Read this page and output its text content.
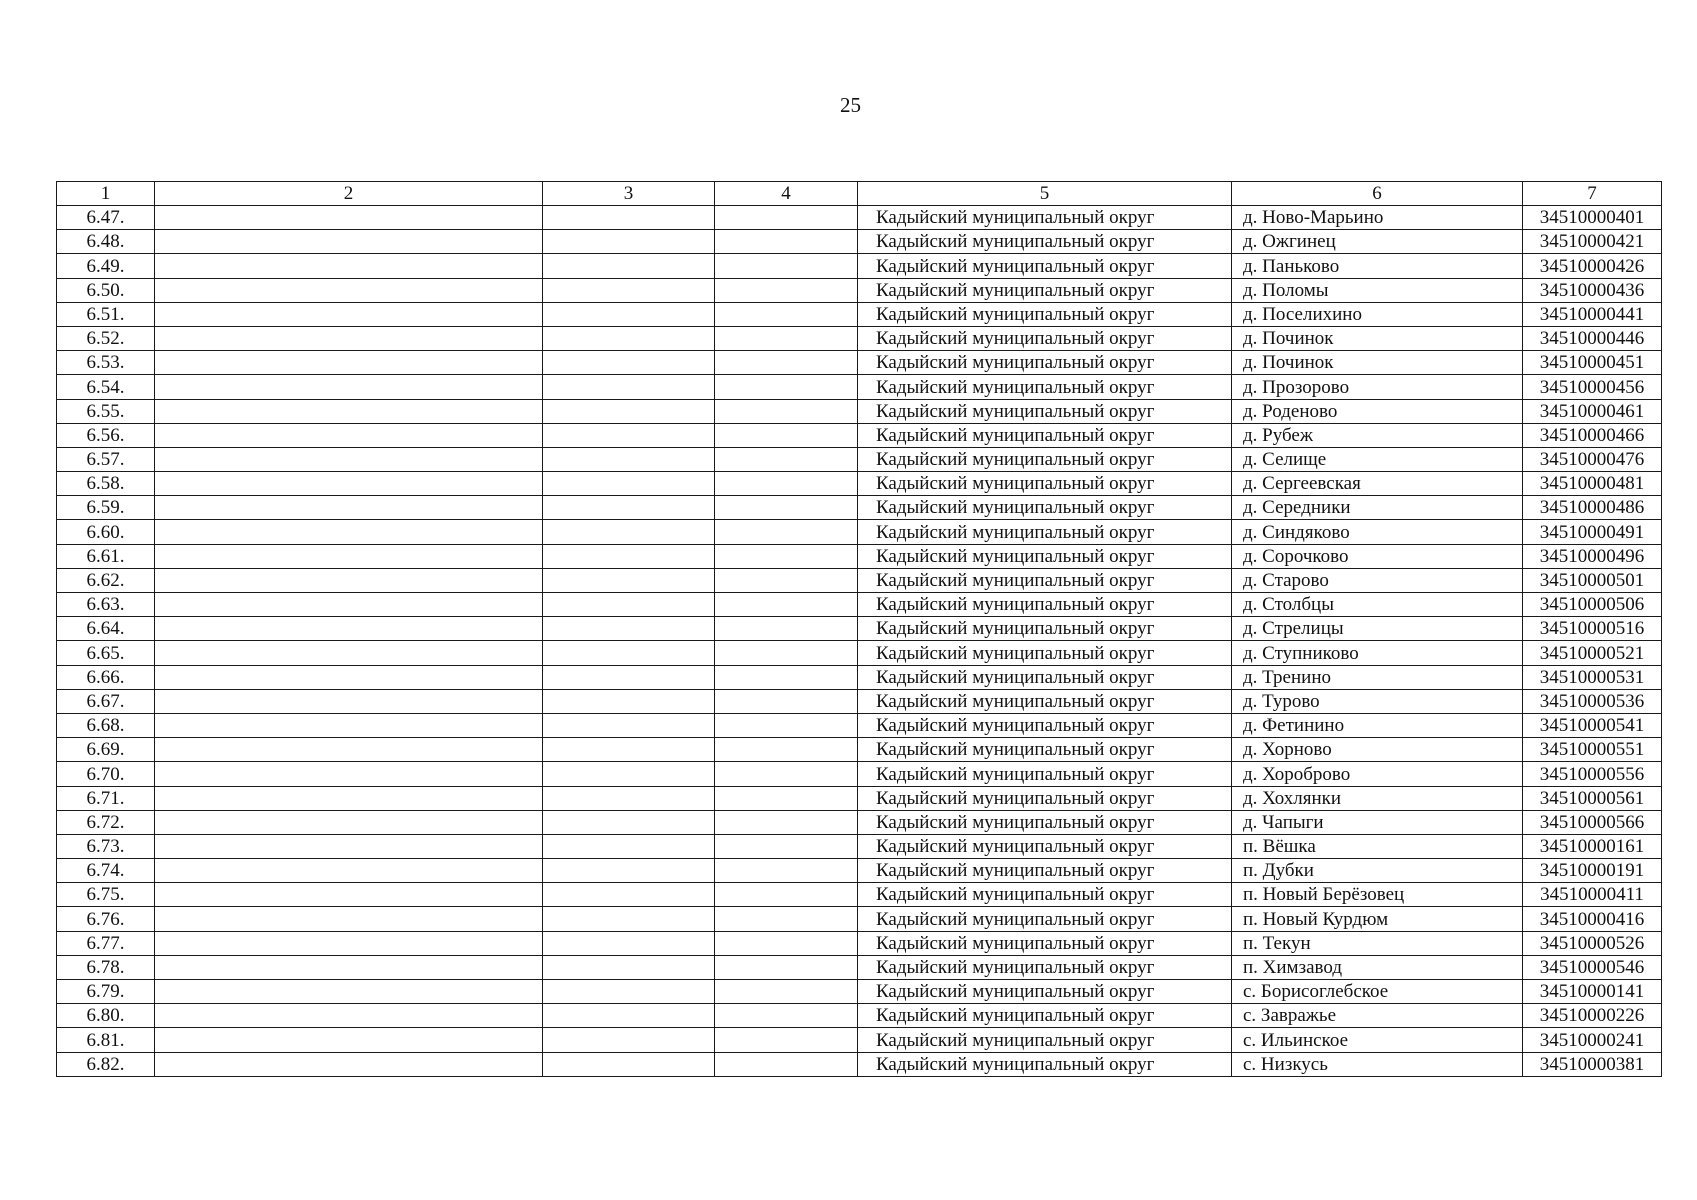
25
1	2	3	4	5	6	7
6.47.				Кадыйский муниципальный округ	д. Ново-Марьино	34510000401
6.48.				Кадыйский муниципальный округ	д. Ожгинец	34510000421
6.49.				Кадыйский муниципальный округ	д. Паньково	34510000426
6.50.				Кадыйский муниципальный округ	д. Поломы	34510000436
6.51.				Кадыйский муниципальный округ	д. Поселихино	34510000441
6.52.				Кадыйский муниципальный округ	д. Починок	34510000446
6.53.				Кадыйский муниципальный округ	д. Починок	34510000451
6.54.				Кадыйский муниципальный округ	д. Прозорово	34510000456
6.55.				Кадыйский муниципальный округ	д. Роденово	34510000461
6.56.				Кадыйский муниципальный округ	д. Рубеж	34510000466
6.57.				Кадыйский муниципальный округ	д. Селище	34510000476
6.58.				Кадыйский муниципальный округ	д. Сергеевская	34510000481
6.59.				Кадыйский муниципальный округ	д. Середники	34510000486
6.60.				Кадыйский муниципальный округ	д. Синдяково	34510000491
6.61.				Кадыйский муниципальный округ	д. Сорочково	34510000496
6.62.				Кадыйский муниципальный округ	д. Старово	34510000501
6.63.				Кадыйский муниципальный округ	д. Столбцы	34510000506
6.64.				Кадыйский муниципальный округ	д. Стрелицы	34510000516
6.65.				Кадыйский муниципальный округ	д. Ступниково	34510000521
6.66.				Кадыйский муниципальный округ	д. Тренино	34510000531
6.67.				Кадыйский муниципальный округ	д. Турово	34510000536
6.68.				Кадыйский муниципальный округ	д. Фетинино	34510000541
6.69.				Кадыйский муниципальный округ	д. Хорново	34510000551
6.70.				Кадыйский муниципальный округ	д. Хороброво	34510000556
6.71.				Кадыйский муниципальный округ	д. Хохлянки	34510000561
6.72.				Кадыйский муниципальный округ	д. Чапыги	34510000566
6.73.				Кадыйский муниципальный округ	п. Вёшка	34510000161
6.74.				Кадыйский муниципальный округ	п. Дубки	34510000191
6.75.				Кадыйский муниципальный округ	п. Новый Берёзовец	34510000411
6.76.				Кадыйский муниципальный округ	п. Новый Курдюм	34510000416
6.77.				Кадыйский муниципальный округ	п. Текун	34510000526
6.78.				Кадыйский муниципальный округ	п. Химзавод	34510000546
6.79.				Кадыйский муниципальный округ	с. Борисоглебское	34510000141
6.80.				Кадыйский муниципальный округ	с. Завражье	34510000226
6.81.				Кадыйский муниципальный округ	с. Ильинское	34510000241
6.82.				Кадыйский муниципальный округ	с. Низкусь	34510000381
